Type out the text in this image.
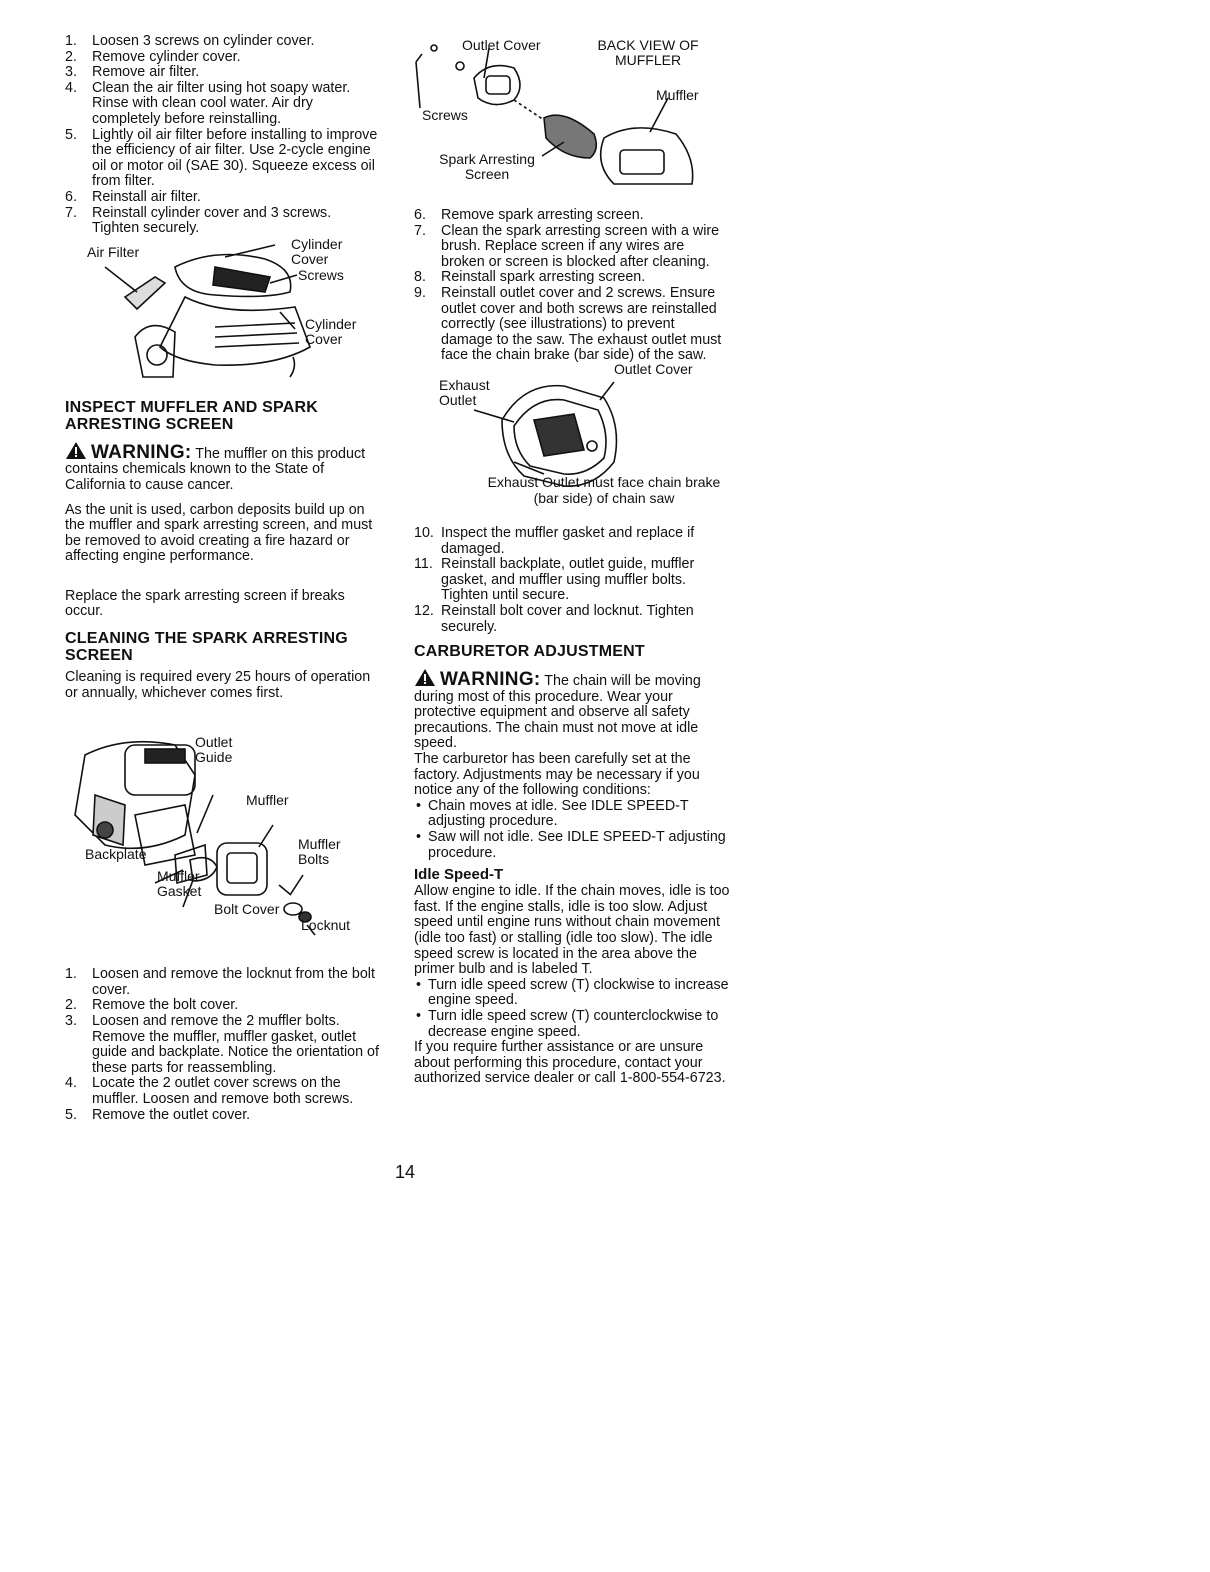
1.	Loosen 3 screws on cylinder cover.
2.	Remove cylinder cover.
3.	Remove air filter.
4.	Clean the air filter using hot soapy water. Rinse with clean cool water. Air dry completely before reinstalling.
5.	Lightly oil air filter before installing to improve the efficiency of air filter. Use 2-cycle engine oil or motor oil (SAE 30). Squeeze excess oil from filter.
6.	Reinstall air filter.
7.	Reinstall cylinder cover and 3 screws. Tighten securely.
Air Filter	Cylinder Cover
Screws
Cylinder Cover
INSPECT MUFFLER AND SPARK ARRESTING SCREEN
WARNING: The muffler on this product contains chemicals known to the State of California to cause cancer.

As the unit is used, carbon deposits build up on the muffler and spark arresting screen, and must be removed to avoid creating a fire hazard or affecting engine performance.

Replace the spark arresting screen if breaks occur.

CLEANING THE SPARK ARRESTING SCREEN

Cleaning is required every 25 hours of operation or annually, whichever comes first.

Outlet Guide
Muffler
Muffler Bolts
Backplate
Muffler Gasket
Bolt Cover
Locknut
1.	Loosen and remove the locknut from the bolt cover.
2.	Remove the bolt cover.
3.	Loosen and remove the 2 muffler bolts. Remove the muffler, muffler gasket, outlet guide and backplate. Notice the orientation of these parts for reassembling.
4.	Locate the 2 outlet cover screws on the muffler. Loosen and remove both screws.
5.	Remove the outlet cover.
Outlet Cover	BACK VIEW OF MUFFLER
Muffler
Screws
Spark Arresting Screen
6.	Remove spark arresting screen.
7.	Clean the spark arresting screen with a wire brush. Replace screen if any wires are broken or screen is blocked after cleaning.
8.	Reinstall spark arresting screen.
9.	Reinstall outlet cover and 2 screws. Ensure outlet cover and both screws are reinstalled correctly (see illustrations) to prevent damage to the saw. The exhaust outlet must face the chain brake (bar side) of the saw.
Exhaust Outlet
Outlet Cover
Exhaust Outlet must face chain brake (bar side) of chain saw
10. Inspect the muffler gasket and replace if damaged.
11. Reinstall backplate, outlet guide, muffler gasket, and muffler using muffler bolts. Tighten until secure.
12. Reinstall bolt cover and locknut. Tighten securely.
CARBURETOR ADJUSTMENT
WARNING: The chain will be moving during most of this procedure. Wear your protective equipment and observe all safety precautions. The chain must not move at idle speed.

The carburetor has been carefully set at the factory. Adjustments may be necessary if you notice any of the following conditions:

• Chain moves at idle. See IDLE SPEED-T adjusting procedure.
• Saw will not idle. See IDLE SPEED-T adjusting procedure.
Idle Speed-T

Allow engine to idle. If the chain moves, idle is too fast. If the engine stalls, idle is too slow. Adjust speed until engine runs without chain movement (idle too fast) or stalling (idle too slow). The idle speed screw is located in the area above the primer bulb and is labeled T.

• Turn idle speed screw (T) clockwise to increase engine speed.
• Turn idle speed screw (T) counterclockwise to decrease engine speed.

If you require further assistance or are unsure about performing this procedure, contact your authorized service dealer or call 1-800-554-6723.

14
